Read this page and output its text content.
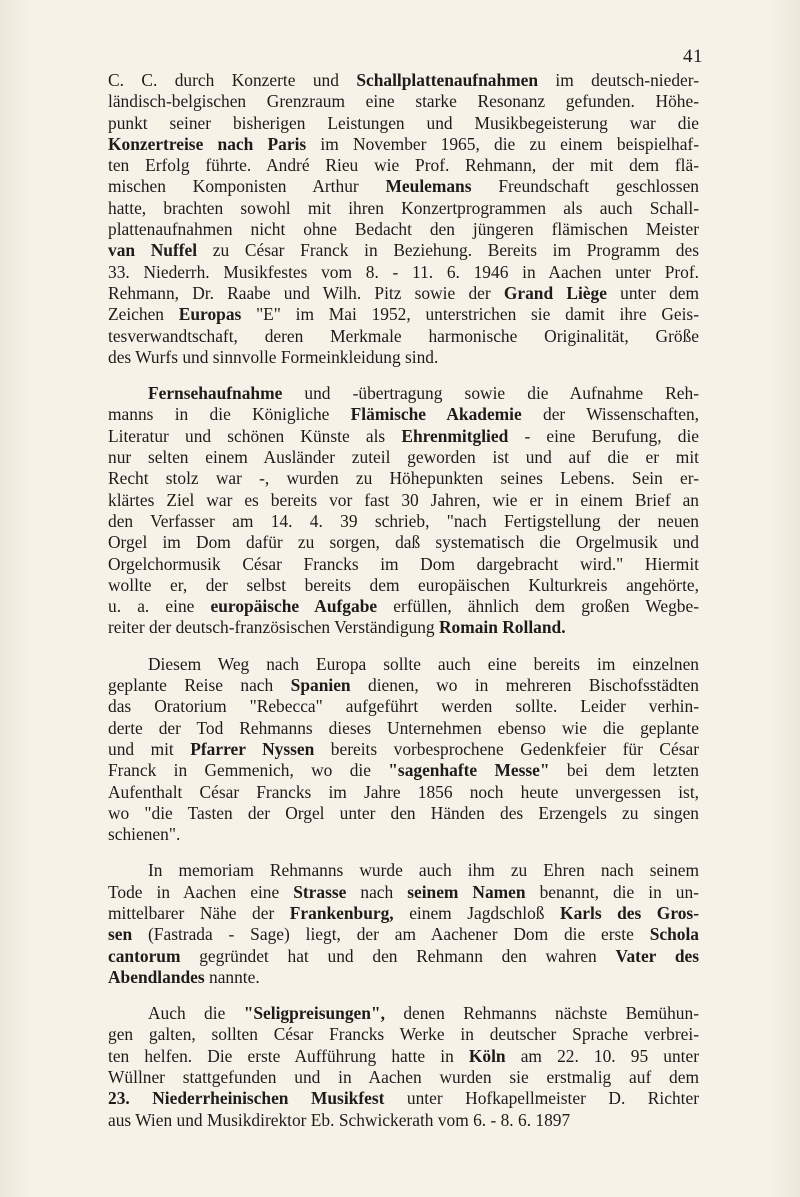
41

C. C. durch Konzerte und Schallplattenaufnahmen im deutsch-nieder-
ländisch-belgischen Grenzraum eine starke Resonanz gefunden. Höhe-
punkt seiner bisherigen Leistungen und Musikbegeisterung war die
Konzertreise nach Paris im November 1965, die zu einem beispielhaf-
ten Erfolg führte. André Rieu wie Prof. Rehmann, der mit dem flä-
mischen Komponisten Arthur Meulemans Freundschaft geschlossen
hatte, brachten sowohl mit ihren Konzertprogrammen als auch Schall-
plattenaufnahmen nicht ohne Bedacht den jüngeren flämischen Meister
van Nuffel zu César Franck in Beziehung. Bereits im Programm des
33. Niederrh. Musikfestes vom 8. - 11. 6. 1946 in Aachen unter Prof.
Rehmann, Dr. Raabe und Wilh. Pitz sowie der Grand Liège unter dem
Zeichen Europas "E" im Mai 1952, unterstrichen sie damit ihre Geis-
tesverwandtschaft, deren Merkmale harmonische Originalität, Größe
des Wurfs und sinnvolle Formeinkleidung sind.

Fernsehaufnahme und -übertragung sowie die Aufnahme Reh-
manns in die Königliche Flämische Akademie der Wissenschaften,
Literatur und schönen Künste als Ehrenmitglied - eine Berufung, die
nur selten einem Ausländer zuteil geworden ist und auf die er mit
Recht stolz war -, wurden zu Höhepunkten seines Lebens. Sein er-
klärtes Ziel war es bereits vor fast 30 Jahren, wie er in einem Brief an
den Verfasser am 14. 4. 39 schrieb, "nach Fertigstellung der neuen
Orgel im Dom dafür zu sorgen, daß systematisch die Orgelmusik und
Orgelchormusik César Francks im Dom dargebracht wird." Hiermit
wollte er, der selbst bereits dem europäischen Kulturkreis angehörte,
u. a. eine europäische Aufgabe erfüllen, ähnlich dem großen Wegbe-
reiter der deutsch-französischen Verständigung Romain Rolland.

Diesem Weg nach Europa sollte auch eine bereits im einzelnen
geplante Reise nach Spanien dienen, wo in mehreren Bischofsstädten
das Oratorium "Rebecca" aufgeführt werden sollte. Leider verhin-
derte der Tod Rehmanns dieses Unternehmen ebenso wie die geplante
und mit Pfarrer Nyssen bereits vorbesprochene Gedenkfeier für César
Franck in Gemmenich, wo die "sagenhafte Messe" bei dem letzten
Aufenthalt César Francks im Jahre 1856 noch heute unvergessen ist,
wo "die Tasten der Orgel unter den Händen des Erzengels zu singen
schienen".

In memoriam Rehmanns wurde auch ihm zu Ehren nach seinem
Tode in Aachen eine Strasse nach seinem Namen benannt, die in un-
mittelbarer Nähe der Frankenburg, einem Jagdschloß Karls des Gros-
sen (Fastrada - Sage) liegt, der am Aachener Dom die erste Schola
cantorum gegründet hat und den Rehmann den wahren Vater des
Abendlandes nannte.

Auch die "Seligpreisungen", denen Rehmanns nächste Bemühun-
gen galten, sollten César Francks Werke in deutscher Sprache verbrei-
ten helfen. Die erste Aufführung hatte in Köln am 22. 10. 95 unter
Wüllner stattgefunden und in Aachen wurden sie erstmalig auf dem
23. Niederrheinischen Musikfest unter Hofkapellmeister D. Richter
aus Wien und Musikdirektor Eb. Schwickerath vom 6. - 8. 6. 1897
